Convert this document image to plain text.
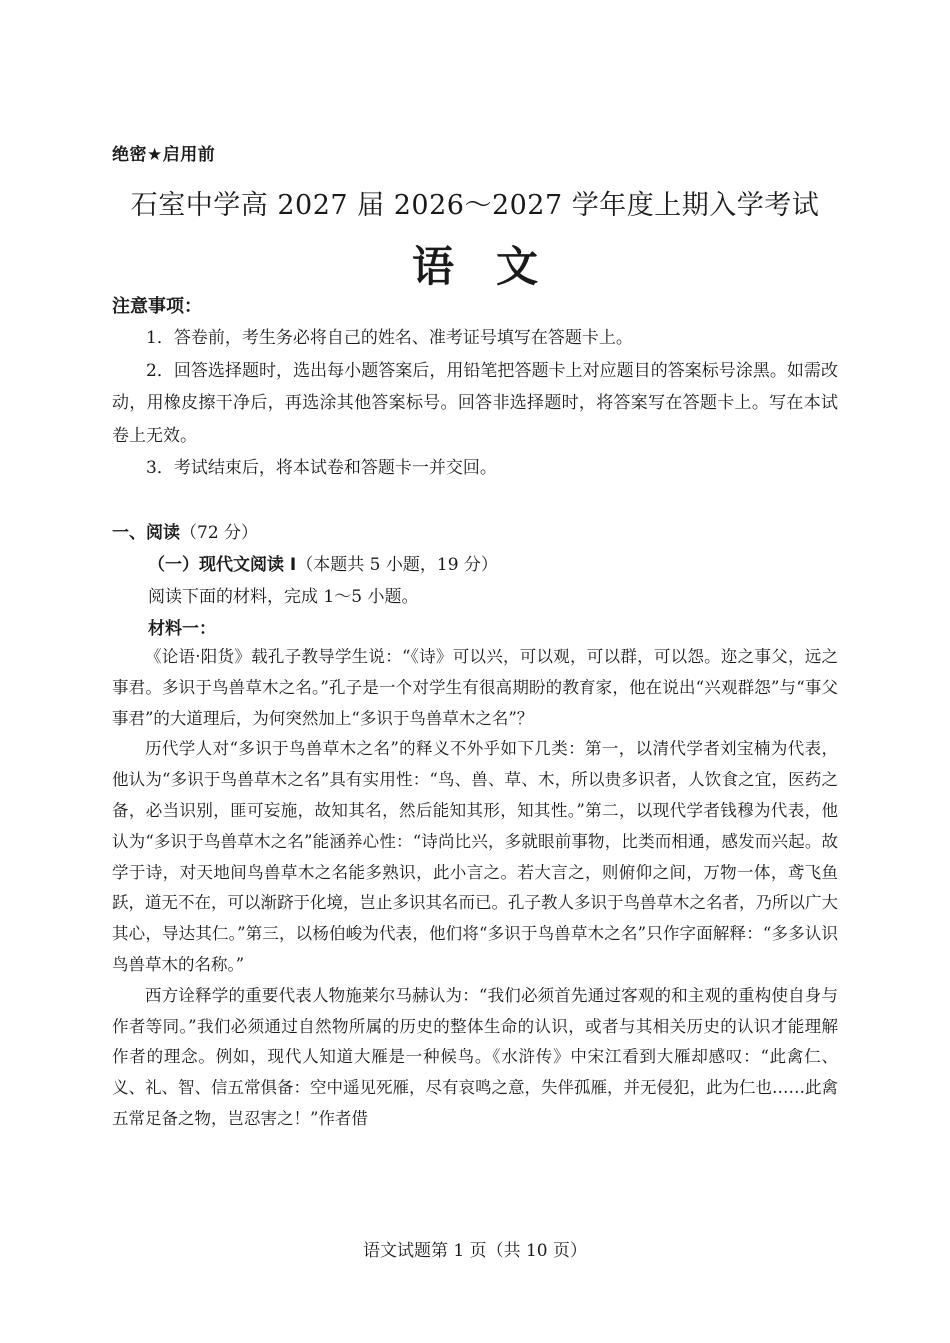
绝密★启用前
石室中学高 2027 届 2026～2027 学年度上期入学考试
语　文
注意事项：

1．答卷前，考生务必将自己的姓名、准考证号填写在答题卡上。

2．回答选择题时，选出每小题答案后，用铅笔把答题卡上对应题目的答案标号涂黑。如需改动，用橡皮擦干净后，再选涂其他答案标号。回答非选择题时，将答案写在答题卡上。写在本试卷上无效。

3．考试结束后，将本试卷和答题卡一并交回。

一、阅读（72 分）
（一）现代文阅读 I（本题共 5 小题，19 分）
阅读下面的材料，完成 1～5 小题。
材料一：

《论语·阳货》载孔子教导学生说：“《诗》可以兴，可以观，可以群，可以怨。迩之事父，远之事君。多识于鸟兽草木之名。”孔子是一个对学生有很高期盼的教育家，他在说出“兴观群怨”与“事父事君”的大道理后，为何突然加上“多识于鸟兽草木之名”？

历代学人对“多识于鸟兽草木之名”的释义不外乎如下几类：第一，以清代学者刘宝楠为代表，他认为“多识于鸟兽草木之名”具有实用性：“鸟、兽、草、木，所以贵多识者，人饮食之宜，医药之备，必当识别，匪可妄施，故知其名，然后能知其形，知其性。”第二，以现代学者钱穆为代表，他认为“多识于鸟兽草木之名”能涵养心性：“诗尚比兴，多就眼前事物，比类而相通，感发而兴起。故学于诗，对天地间鸟兽草木之名能多熟识，此小言之。若大言之，则俯仰之间，万物一体，鸢飞鱼跃，道无不在，可以渐跻于化境，岂止多识其名而已。孔子教人多识于鸟兽草木之名者，乃所以广大其心，导达其仁。”第三，以杨伯峻为代表，他们将“多识于鸟兽草木之名”只作字面解释：“多多认识鸟兽草木的名称。”

西方诠释学的重要代表人物施莱尔马赫认为：“我们必须首先通过客观的和主观的重构使自身与作者等同。”我们必须通过自然物所属的历史的整体生命的认识，或者与其相关历史的认识才能理解作者的理念。例如，现代人知道大雁是一种候鸟。《水浒传》中宋江看到大雁却感叹：“此禽仁、义、礼、智、信五常俱备：空中遥见死雁，尽有哀鸣之意，失伴孤雁，并无侵犯，此为仁也……此禽五常足备之物，岂忍害之！”作者借

语文试题第 1 页（共 10 页）
